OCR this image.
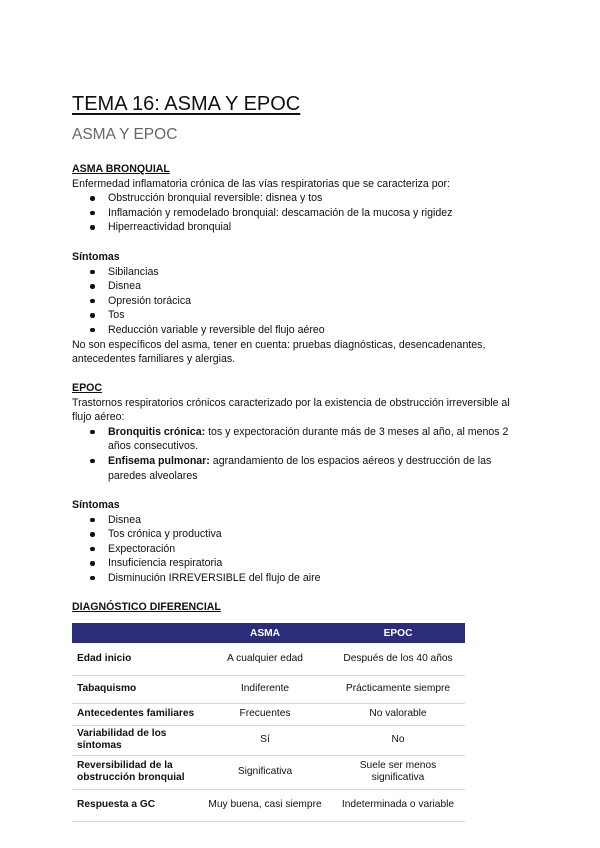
TEMA 16: ASMA Y EPOC
ASMA Y EPOC
ASMA BRONQUIAL

Enfermedad inflamatoria crónica de las vías respiratorias que se caracteriza por:

Obstrucción bronquial reversible: disnea y tos
Inflamación y remodelado bronquial: descamación de la mucosa y rigidez
Hiperreactividad bronquial
Síntomas
Sibilancias
Disnea
Opresión torácica
Tos
Reducción variable y reversible del flujo aéreo

No son específicos del asma, tener en cuenta: pruebas diagnósticas, desencadenantes, antecedentes familiares y alergias.

EPOC

Trastornos respiratorios crónicos caracterizado por la existencia de obstrucción irreversible al flujo aéreo:

Bronquitis crónica: tos y expectoración durante más de 3 meses al año, al menos 2 años consecutivos.
Enfisema pulmonar: agrandamiento de los espacios aéreos y destrucción de las paredes alveolares
Síntomas
Disnea
Tos crónica y productiva
Expectoración
Insuficiencia respiratoria
Disminución IRREVERSIBLE del flujo de aire
DIAGNÓSTICO DIFERENCIAL
	ASMA	EPOC
Edad inicio	A cualquier edad	Después de los 40 años
Tabaquismo	Indiferente	Prácticamente siempre
Antecedentes familiares	Frecuentes	No valorable
Variabilidad de los síntomas	Sí	No
Reversibilidad de la obstrucción bronquial	Significativa	Suele ser menos significativa
Respuesta a GC	Muy buena, casi siempre	Indeterminada o variable
